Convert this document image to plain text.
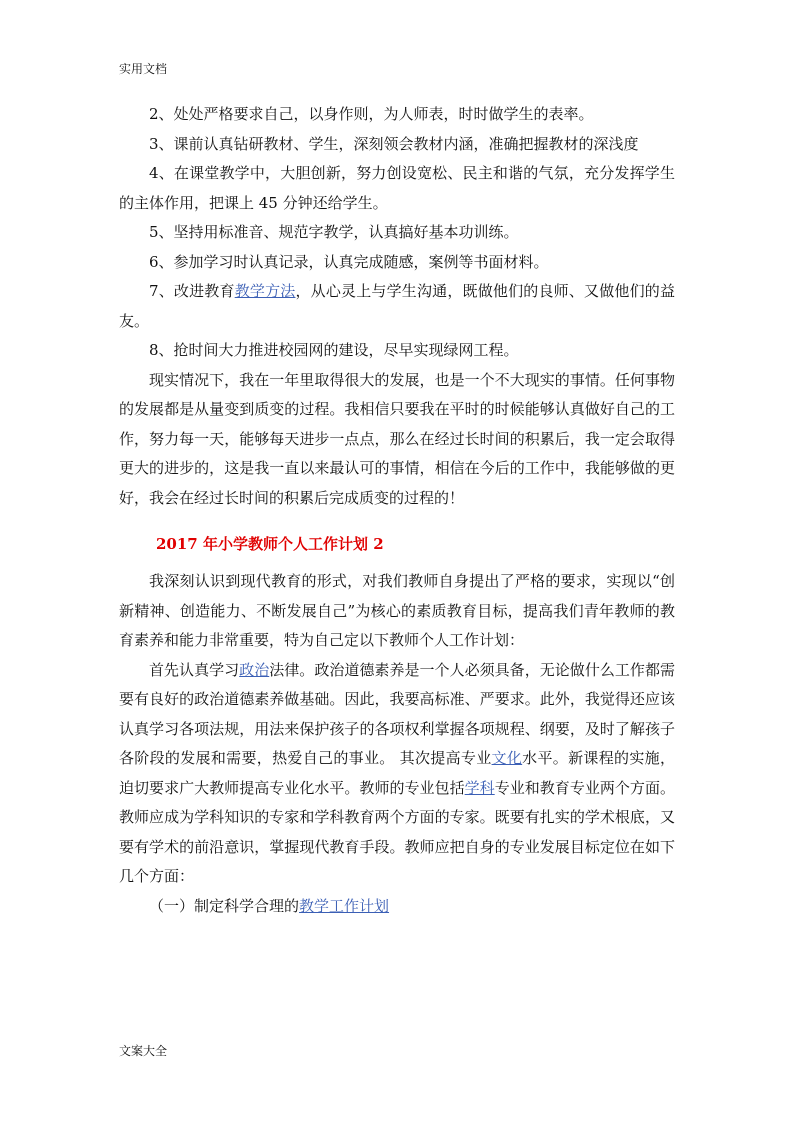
实用文档

2、处处严格要求自己，以身作则，为人师表，时时做学生的表率。

3、课前认真钻研教材、学生，深刻领会教材内涵，准确把握教材的深浅度

4、在课堂教学中，大胆创新，努力创设宽松、民主和谐的气氛，充分发挥学生的主体作用，把课上 45 分钟还给学生。

5、坚持用标准音、规范字教学，认真搞好基本功训练。

6、参加学习时认真记录，认真完成随感，案例等书面材料。

7、改进教育教学方法，从心灵上与学生沟通，既做他们的良师、又做他们的益友。

8、抢时间大力推进校园网的建设，尽早实现绿网工程。

现实情况下，我在一年里取得很大的发展，也是一个不大现实的事情。任何事物的发展都是从量变到质变的过程。我相信只要我在平时的时候能够认真做好自己的工作，努力每一天，能够每天进步一点点，那么在经过长时间的积累后，我一定会取得更大的进步的，这是我一直以来最认可的事情，相信在今后的工作中，我能够做的更好，我会在经过长时间的积累后完成质变的过程的！

2017 年小学教师个人工作计划 2

我深刻认识到现代教育的形式，对我们教师自身提出了严格的要求，实现以“创新精神、创造能力、不断发展自己”为核心的素质教育目标，提高我们青年教师的教育素养和能力非常重要，特为自己定以下教师个人工作计划：

首先认真学习政治法律。政治道德素养是一个人必须具备，无论做什么工作都需要有良好的政治道德素养做基础。因此，我要高标准、严要求。此外，我觉得还应该认真学习各项法规，用法来保护孩子的各项权利掌握各项规程、纲要，及时了解孩子各阶段的发展和需要，热爱自己的事业。 其次提高专业文化水平。新课程的实施，迫切要求广大教师提高专业化水平。教师的专业包括学科专业和教育专业两个方面。教师应成为学科知识的专家和学科教育两个方面的专家。既要有扎实的学术根底，又要有学术的前沿意识，掌握现代教育手段。教师应把自身的专业发展目标定位在如下几个方面：

（一）制定科学合理的教学工作计划

文案大全
